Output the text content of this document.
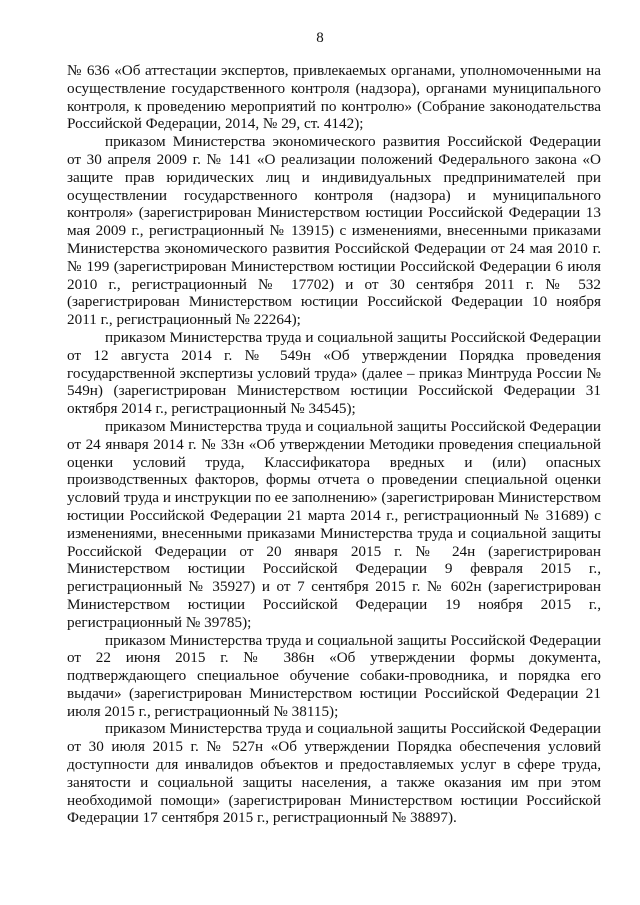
8

№ 636 «Об аттестации экспертов, привлекаемых органами, уполномоченными на осуществление государственного контроля (надзора), органами муниципального контроля, к проведению мероприятий по контролю» (Собрание законодательства Российской Федерации, 2014, № 29, ст. 4142);

приказом Министерства экономического развития Российской Федерации от 30 апреля 2009 г. № 141 «О реализации положений Федерального закона «О защите прав юридических лиц и индивидуальных предпринимателей при осуществлении государственного контроля (надзора) и муниципального контроля» (зарегистрирован Министерством юстиции Российской Федерации 13 мая 2009 г., регистрационный № 13915) с изменениями, внесенными приказами Министерства экономического развития Российской Федерации от 24 мая 2010 г. № 199 (зарегистрирован Министерством юстиции Российской Федерации 6 июля 2010 г., регистрационный № 17702) и от 30 сентября 2011 г. № 532 (зарегистрирован Министерством юстиции Российской Федерации 10 ноября 2011 г., регистрационный № 22264);

приказом Министерства труда и социальной защиты Российской Федерации от 12 августа 2014 г. № 549н «Об утверждении Порядка проведения государственной экспертизы условий труда» (далее – приказ Минтруда России № 549н) (зарегистрирован Министерством юстиции Российской Федерации 31 октября 2014 г., регистрационный № 34545);

приказом Министерства труда и социальной защиты Российской Федерации от 24 января 2014 г. № 33н «Об утверждении Методики проведения специальной оценки условий труда, Классификатора вредных и (или) опасных производственных факторов, формы отчета о проведении специальной оценки условий труда и инструкции по ее заполнению» (зарегистрирован Министерством юстиции Российской Федерации 21 марта 2014 г., регистрационный № 31689) с изменениями, внесенными приказами Министерства труда и социальной защиты Российской Федерации от 20 января 2015 г. № 24н (зарегистрирован Министерством юстиции Российской Федерации 9 февраля 2015 г., регистрационный № 35927) и от 7 сентября 2015 г. № 602н (зарегистрирован Министерством юстиции Российской Федерации 19 ноября 2015 г., регистрационный № 39785);

приказом Министерства труда и социальной защиты Российской Федерации от 22 июня 2015 г. № 386н «Об утверждении формы документа, подтверждающего специальное обучение собаки-проводника, и порядка его выдачи» (зарегистрирован Министерством юстиции Российской Федерации 21 июля 2015 г., регистрационный № 38115);

приказом Министерства труда и социальной защиты Российской Федерации от 30 июля 2015 г. № 527н «Об утверждении Порядка обеспечения условий доступности для инвалидов объектов и предоставляемых услуг в сфере труда, занятости и социальной защиты населения, а также оказания им при этом необходимой помощи» (зарегистрирован Министерством юстиции Российской Федерации 17 сентября 2015 г., регистрационный № 38897).
